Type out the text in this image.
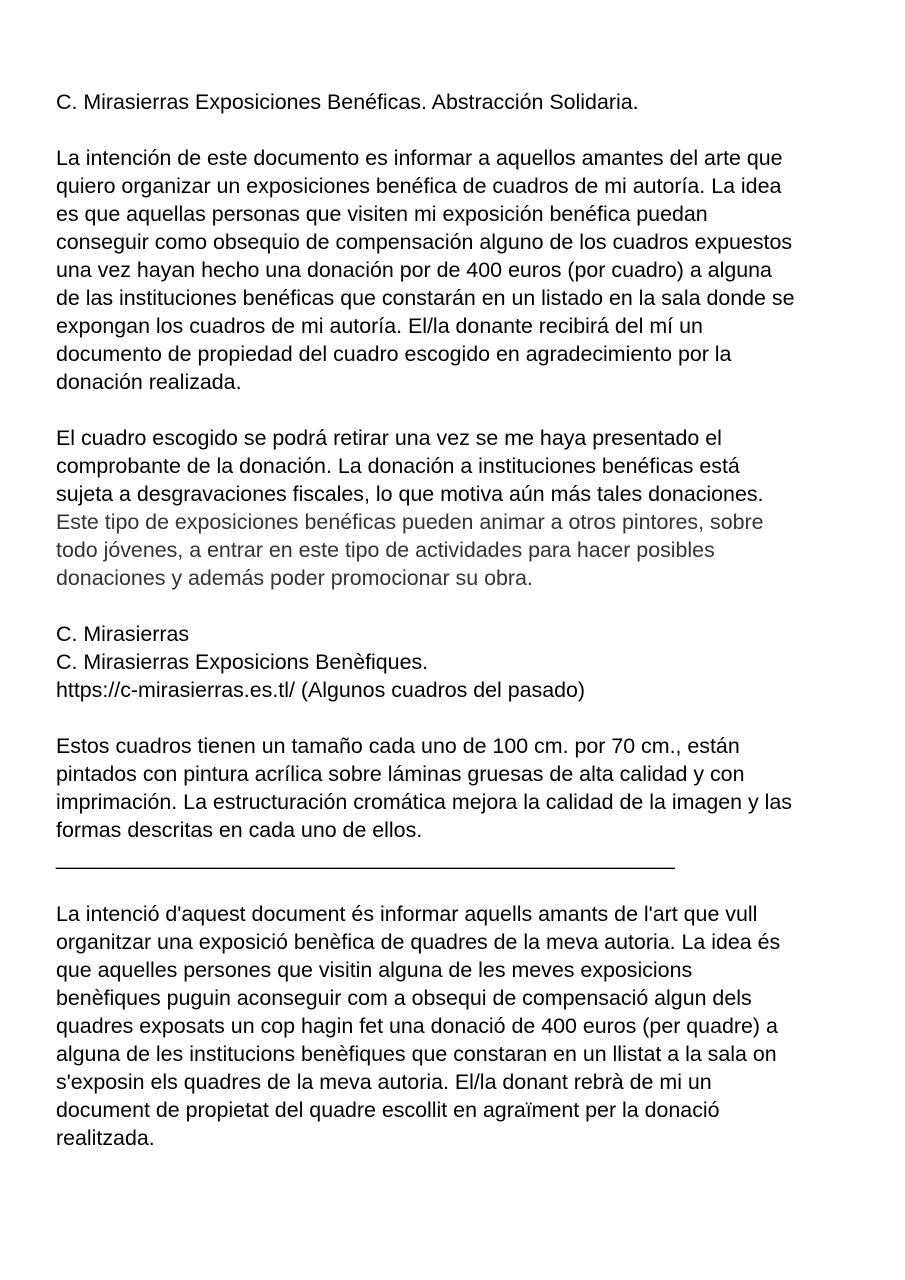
C. Mirasierras Exposiciones Benéficas. Abstracción Solidaria.

La intención de este documento es informar a aquellos amantes del arte que
quiero organizar un exposiciones benéfica de cuadros de mi autoría. La idea
es que aquellas personas que visiten mi exposición benéfica puedan
conseguir como obsequio de compensación alguno de los cuadros expuestos
una vez hayan hecho una donación por de 400 euros (por cuadro) a alguna
de las instituciones benéficas que constarán en un listado en la sala donde se
expongan los cuadros de mi autoría. El/la donante recibirá del mí un
documento de propiedad del cuadro escogido en agradecimiento por la
donación realizada.
El cuadro escogido se podrá retirar una vez se me haya presentado el
comprobante de la donación. La donación a instituciones benéficas está
sujeta a desgravaciones fiscales, lo que motiva aún más tales donaciones.
Este tipo de exposiciones benéficas pueden animar a otros pintores, sobre
todo jóvenes, a entrar en este tipo de actividades para hacer posibles
donaciones y además poder promocionar su obra.
C. Mirasierras
C. Mirasierras Exposicions Benèfiques.
https://c-mirasierras.es.tl/ (Algunos cuadros del pasado)
Estos cuadros tienen un tamaño cada uno de 100 cm. por 70 cm., están
pintados con pintura acrílica sobre láminas gruesas de alta calidad y con
imprimación. La estructuración cromática mejora la calidad de la imagen y las
formas descritas en cada uno de ellos.
____________________________________________________
La intenció d'aquest document és informar aquells amants de l'art que vull
organitzar una exposició benèfica de quadres de la meva autoria. La idea és
que aquelles persones que visitin alguna de les meves exposicions
benèfiques puguin aconseguir com a obsequi de compensació algun dels
quadres exposats un cop hagin fet una donació de 400 euros (per quadre) a
alguna de les institucions benèfiques que constaran en un llistat a la sala on
s'exposin els quadres de la meva autoria. El/la donant rebrà de mi un
document de propietat del quadre escollit en agraïment per la donació
realitzada.
